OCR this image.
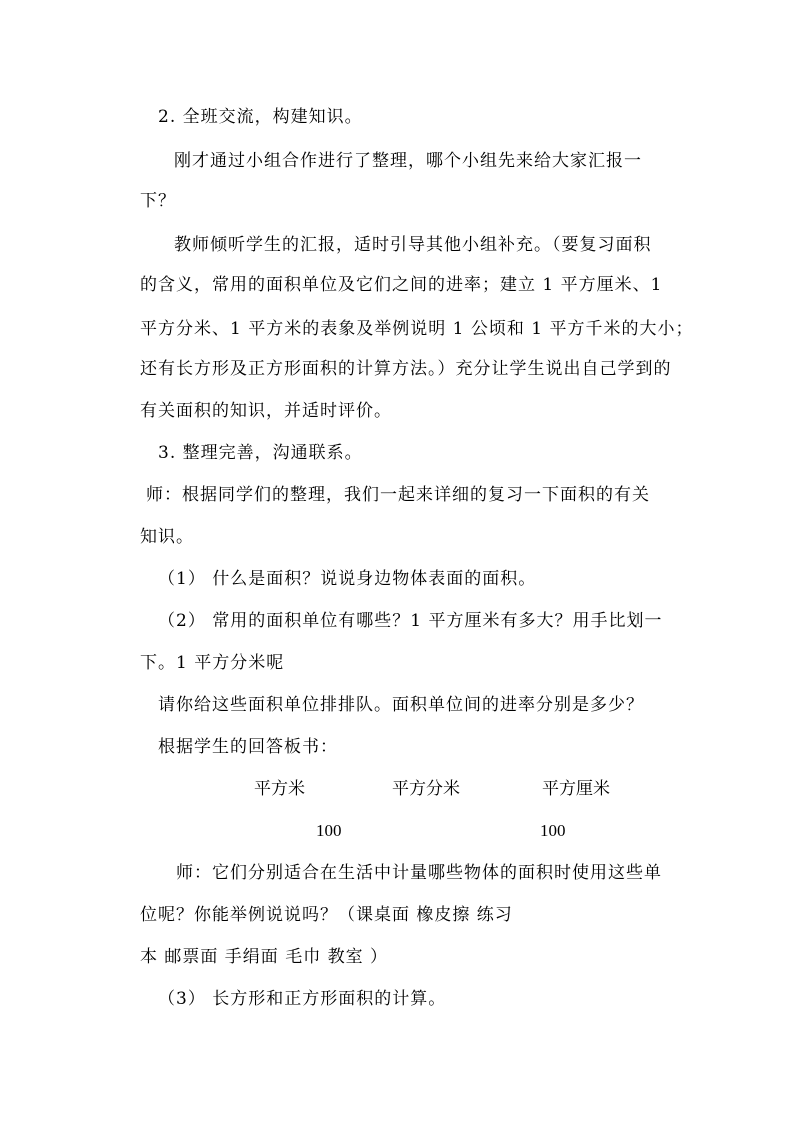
2. 全班交流，构建知识。
刚才通过小组合作进行了整理，哪个小组先来给大家汇报一
下？
教师倾听学生的汇报，适时引导其他小组补充。（要复习面积
的含义，常用的面积单位及它们之间的进率；建立 1 平方厘米、1
平方分米、1 平方米的表象及举例说明 1 公顷和 1 平方千米的大小；
还有长方形及正方形面积的计算方法。）充分让学生说出自己学到的
有关面积的知识，并适时评价。
3. 整理完善，沟通联系。
师：根据同学们的整理，我们一起来详细的复习一下面积的有关
知识。
（1） 什么是面积？说说身边物体表面的面积。
（2） 常用的面积单位有哪些？1 平方厘米有多大？用手比划一
下。1 平方分米呢
请你给这些面积单位排排队。面积单位间的进率分别是多少？
根据学生的回答板书：
平方米	平方分米	平方厘米
100	100
师：它们分别适合在生活中计量哪些物体的面积时使用这些单
位呢？你能举例说说吗？（课桌面 橡皮擦 练习
本 邮票面 手绢面 毛巾 教室 ）
（3） 长方形和正方形面积的计算。
